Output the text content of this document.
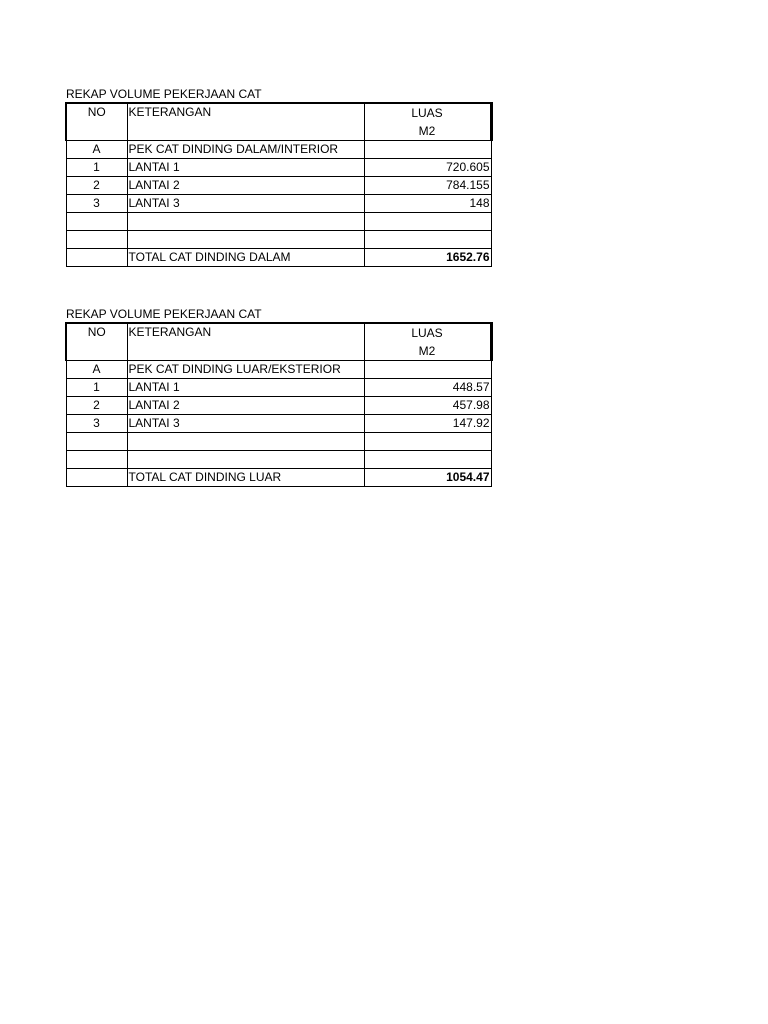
REKAP VOLUME PEKERJAAN CAT
NO	KETERANGAN	LUAS
M2

A	PEK CAT DINDING DALAM/INTERIOR	
1	LANTAI 1	720.605
2	LANTAI 2	784.155
3	LANTAI 3	148

	TOTAL CAT DINDING DALAM	1652.76
REKAP VOLUME PEKERJAAN CAT
NO	KETERANGAN	LUAS
M2

A	PEK CAT DINDING LUAR/EKSTERIOR	
1	LANTAI 1	448.57
2	LANTAI 2	457.98
3	LANTAI 3	147.92

	TOTAL CAT DINDING LUAR	1054.47
